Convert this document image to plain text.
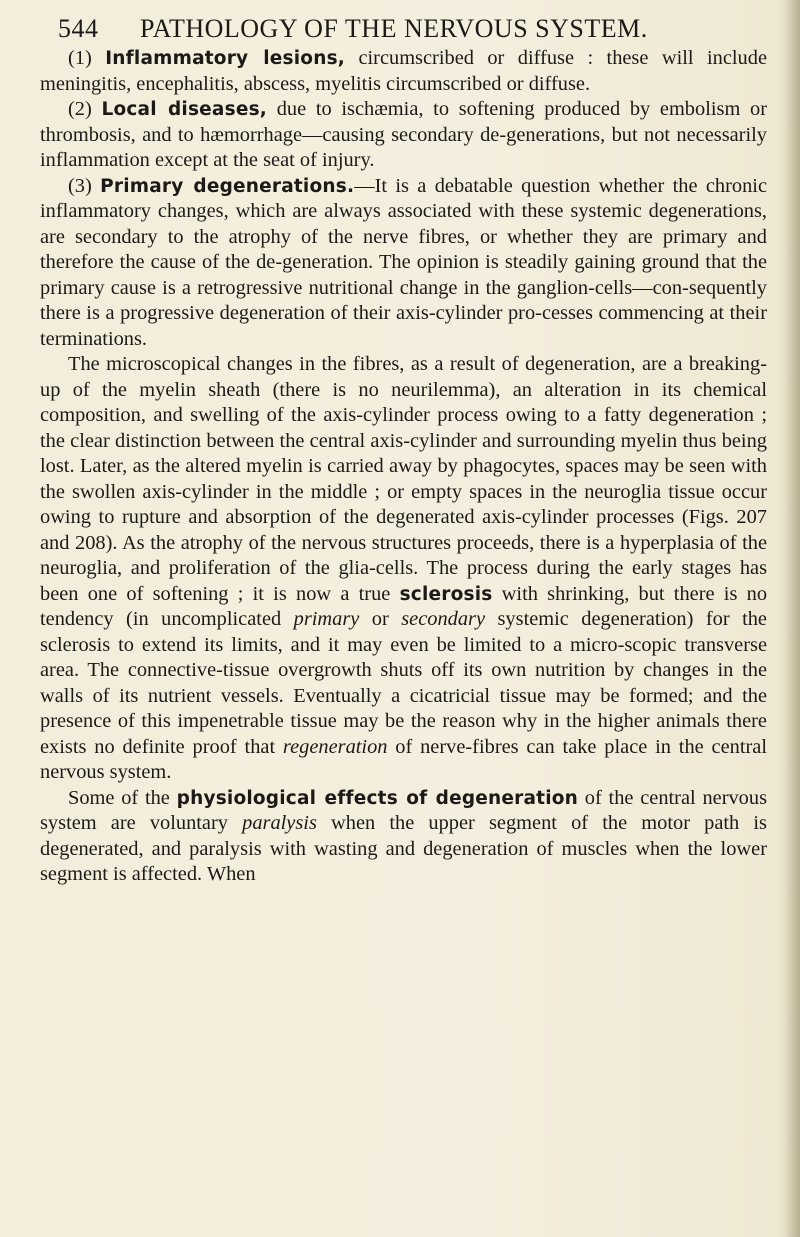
544 PATHOLOGY OF THE NERVOUS SYSTEM.

(1) Inflammatory lesions, circumscribed or diffuse : these will include meningitis, encephalitis, abscess, myelitis circumscribed or diffuse.

(2) Local diseases, due to ischæmia, to softening produced by embolism or thrombosis, and to hæmorrhage—causing secondary de-generations, but not necessarily inflammation except at the seat of injury.

(3) Primary degenerations.—It is a debatable question whether the chronic inflammatory changes, which are always associated with these systemic degenerations, are secondary to the atrophy of the nerve fibres, or whether they are primary and therefore the cause of the de-generation. The opinion is steadily gaining ground that the primary cause is a retrogressive nutritional change in the ganglion-cells—con-sequently there is a progressive degeneration of their axis-cylinder pro-cesses commencing at their terminations.

The microscopical changes in the fibres, as a result of degeneration, are a breaking-up of the myelin sheath (there is no neurilemma), an alteration in its chemical composition, and swelling of the axis-cylinder process owing to a fatty degeneration ; the clear distinction between the central axis-cylinder and surrounding myelin thus being lost. Later, as the altered myelin is carried away by phagocytes, spaces may be seen with the swollen axis-cylinder in the middle ; or empty spaces in the neuroglia tissue occur owing to rupture and absorption of the degenerated axis-cylinder processes (Figs. 207 and 208). As the atrophy of the nervous structures proceeds, there is a hyperplasia of the neuroglia, and proliferation of the glia-cells. The process during the early stages has been one of softening ; it is now a true sclerosis with shrinking, but there is no tendency (in uncomplicated primary or secondary systemic degeneration) for the sclerosis to extend its limits, and it may even be limited to a micro-scopic transverse area. The connective-tissue overgrowth shuts off its own nutrition by changes in the walls of its nutrient vessels. Eventually a cicatricial tissue may be formed; and the presence of this impenetrable tissue may be the reason why in the higher animals there exists no definite proof that regeneration of nerve-fibres can take place in the central nervous system.

Some of the physiological effects of degeneration of the central nervous system are voluntary paralysis when the upper segment of the motor path is degenerated, and paralysis with wasting and degeneration of muscles when the lower segment is affected. When
